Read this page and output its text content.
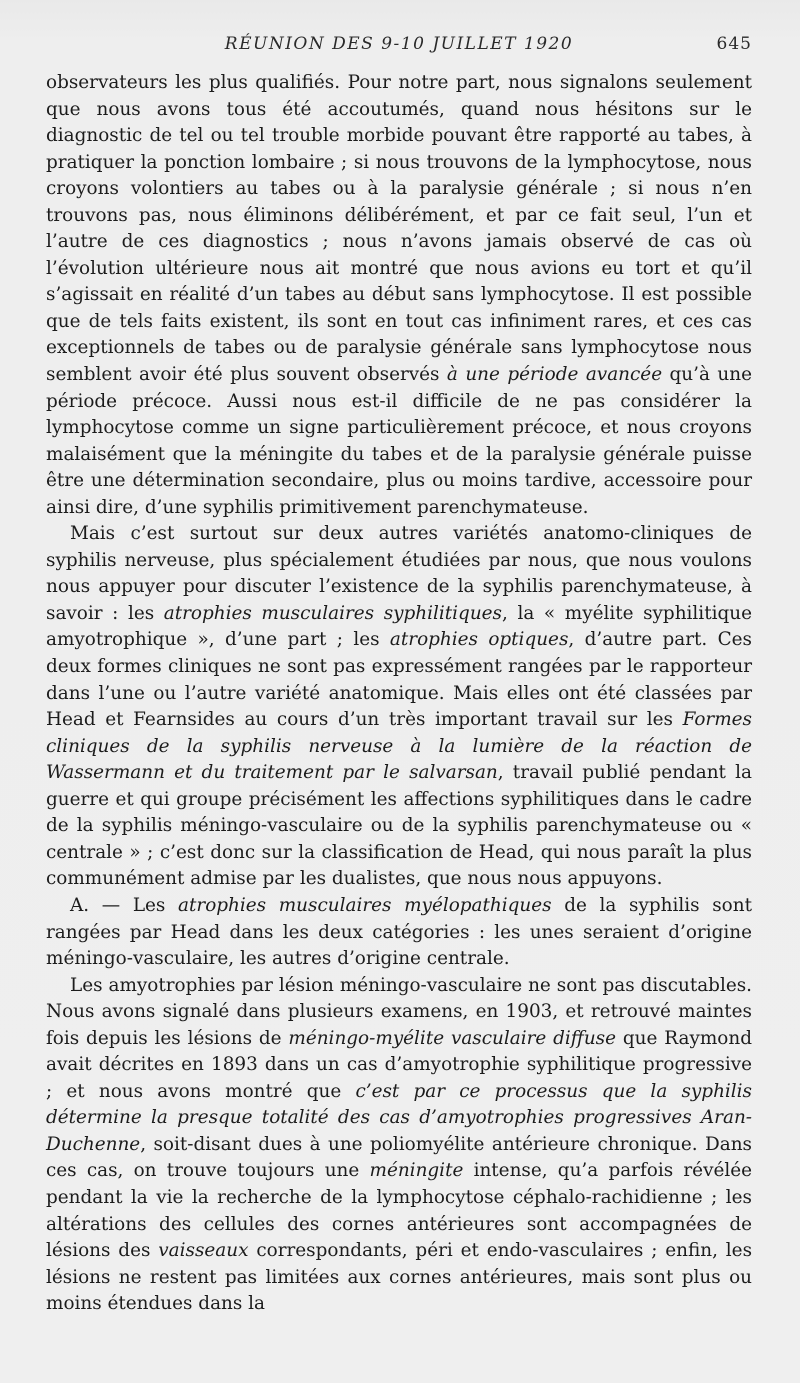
RÉUNION DES 9-10 JUILLET 1920	645

observateurs les plus qualifiés. Pour notre part, nous signalons seulement que nous avons tous été accoutumés, quand nous hésitons sur le diagnostic de tel ou tel trouble morbide pouvant être rapporté au tabes, à pratiquer la ponction lombaire ; si nous trouvons de la lymphocytose, nous croyons volontiers au tabes ou à la paralysie générale ; si nous n’en trouvons pas, nous éliminons délibérément, et par ce fait seul, l’un et l’autre de ces diagnostics ; nous n’avons jamais observé de cas où l’évolution ultérieure nous ait montré que nous avions eu tort et qu’il s’agissait en réalité d’un tabes au début sans lymphocytose. Il est possible que de tels faits existent, ils sont en tout cas infiniment rares, et ces cas exceptionnels de tabes ou de paralysie générale sans lymphocytose nous semblent avoir été plus souvent observés à une période avancée qu’à une période précoce. Aussi nous est-il difficile de ne pas considérer la lymphocytose comme un signe particulièrement précoce, et nous croyons malaisément que la méningite du tabes et de la paralysie générale puisse être une détermination secondaire, plus ou moins tardive, accessoire pour ainsi dire, d’une syphilis primitivement parenchymateuse.

Mais c’est surtout sur deux autres variétés anatomo-cliniques de syphilis nerveuse, plus spécialement étudiées par nous, que nous voulons nous appuyer pour discuter l’existence de la syphilis parenchymateuse, à savoir : les atrophies musculaires syphilitiques, la « myélite syphilitique amyotrophique », d’une part ; les atrophies optiques, d’autre part. Ces deux formes cliniques ne sont pas expressément rangées par le rapporteur dans l’une ou l’autre variété anatomique. Mais elles ont été classées par Head et Fearnsides au cours d’un très important travail sur les Formes cliniques de la syphilis nerveuse à la lumière de la réaction de Wassermann et du traitement par le salvarsan, travail publié pendant la guerre et qui groupe précisément les affections syphilitiques dans le cadre de la syphilis méningo-vasculaire ou de la syphilis parenchymateuse ou « centrale » ; c’est donc sur la classification de Head, qui nous paraît la plus communément admise par les dualistes, que nous nous appuyons.

A. — Les atrophies musculaires myélopathiques de la syphilis sont rangées par Head dans les deux catégories : les unes seraient d’origine méningo-vasculaire, les autres d’origine centrale.

Les amyotrophies par lésion méningo-vasculaire ne sont pas discutables. Nous avons signalé dans plusieurs examens, en 1903, et retrouvé maintes fois depuis les lésions de méningo-myélite vasculaire diffuse que Raymond avait décrites en 1893 dans un cas d’amyotrophie syphilitique progressive ; et nous avons montré que c’est par ce processus que la syphilis détermine la presque totalité des cas d’amyotrophies progressives Aran-Duchenne, soit-disant dues à une poliomyélite antérieure chronique. Dans ces cas, on trouve toujours une méningite intense, qu’a parfois révélée pendant la vie la recherche de la lymphocytose céphalo-rachidienne ; les altérations des cellules des cornes antérieures sont accompagnées de lésions des vaisseaux correspondants, péri et endo-vasculaires ; enfin, les lésions ne restent pas limitées aux cornes antérieures, mais sont plus ou moins étendues dans la
